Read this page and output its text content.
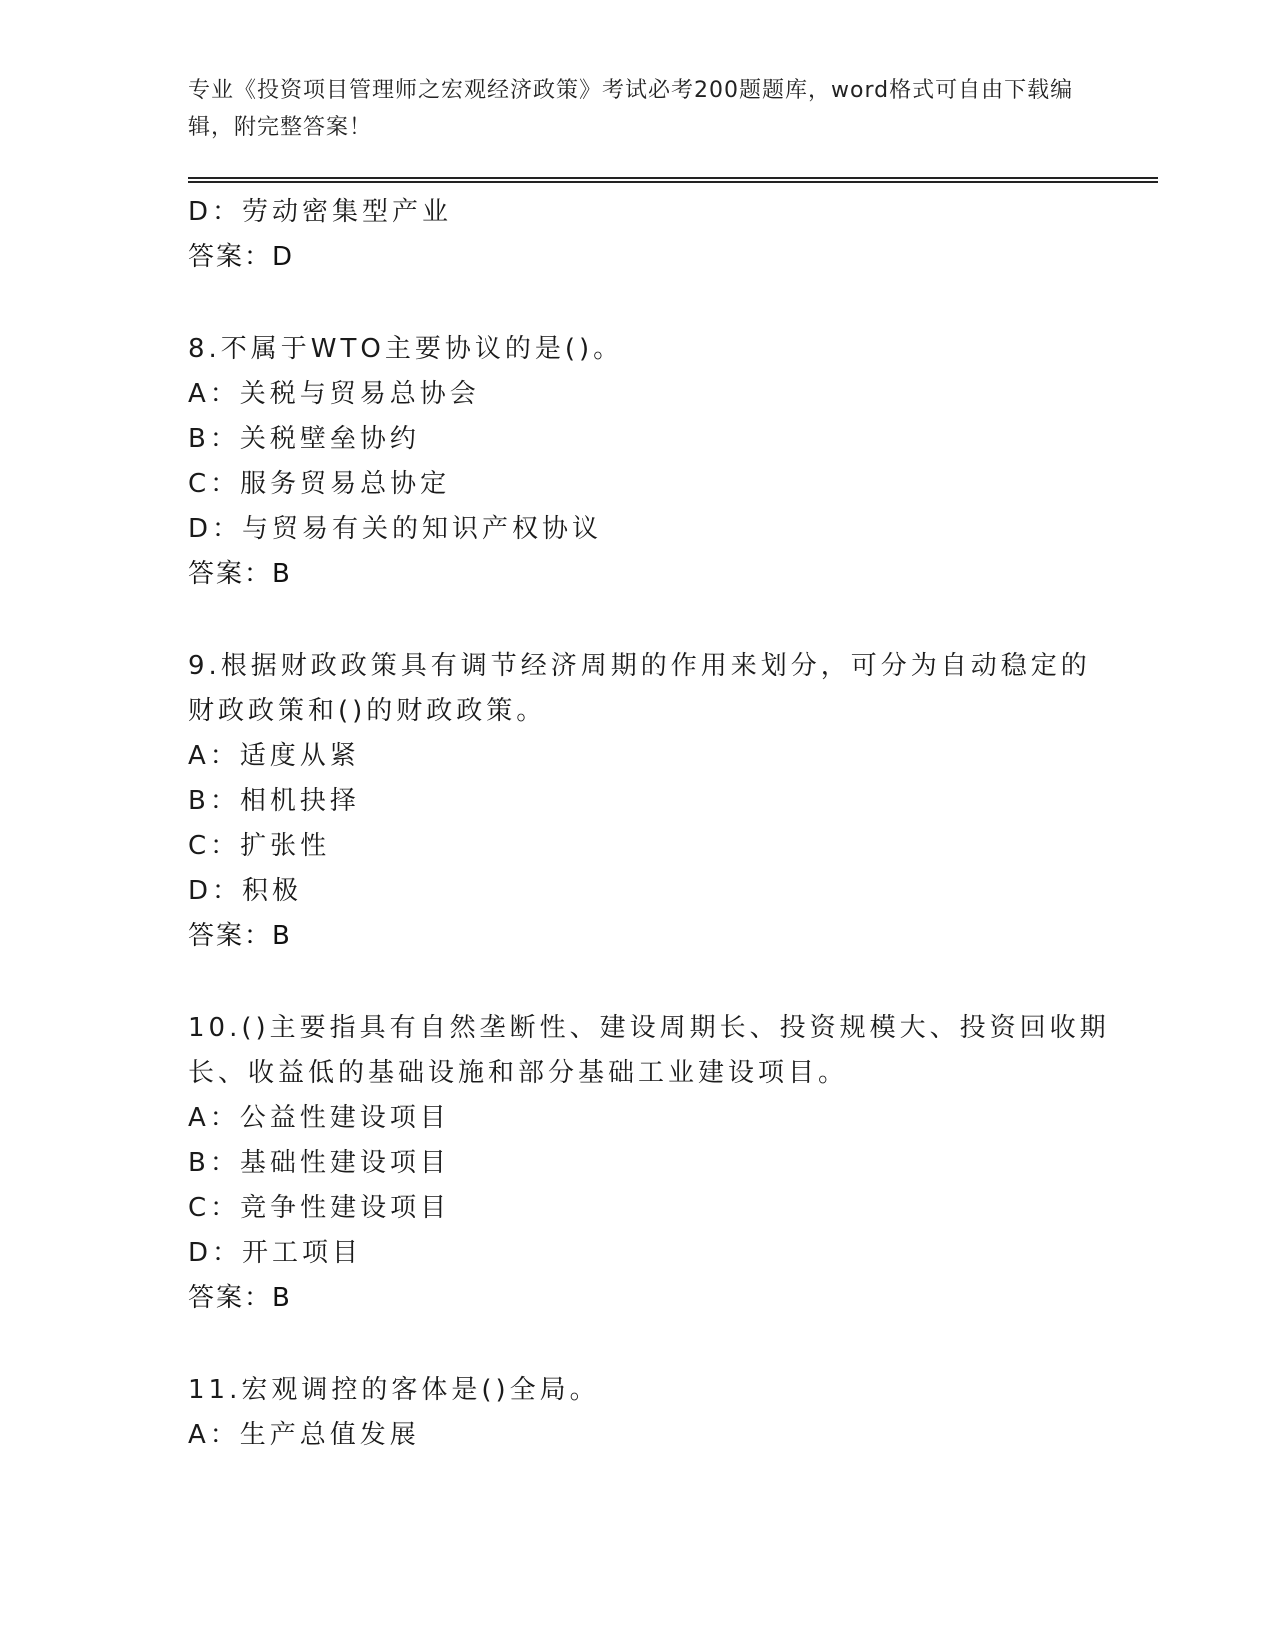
专业《投资项目管理师之宏观经济政策》考试必考200题题库，word格式可自由下载编辑，附完整答案！
D：劳动密集型产业
答案：D
8.不属于WTO主要协议的是()。
A：关税与贸易总协会
B：关税壁垒协约
C：服务贸易总协定
D：与贸易有关的知识产权协议
答案：B
9.根据财政政策具有调节经济周期的作用来划分，可分为自动稳定的
财政政策和()的财政政策。
A：适度从紧
B：相机抉择
C：扩张性
D：积极
答案：B
10.()主要指具有自然垄断性、建设周期长、投资规模大、投资回收期
长、收益低的基础设施和部分基础工业建设项目。
A：公益性建设项目
B：基础性建设项目
C：竞争性建设项目
D：开工项目
答案：B
11.宏观调控的客体是()全局。
A：生产总值发展
